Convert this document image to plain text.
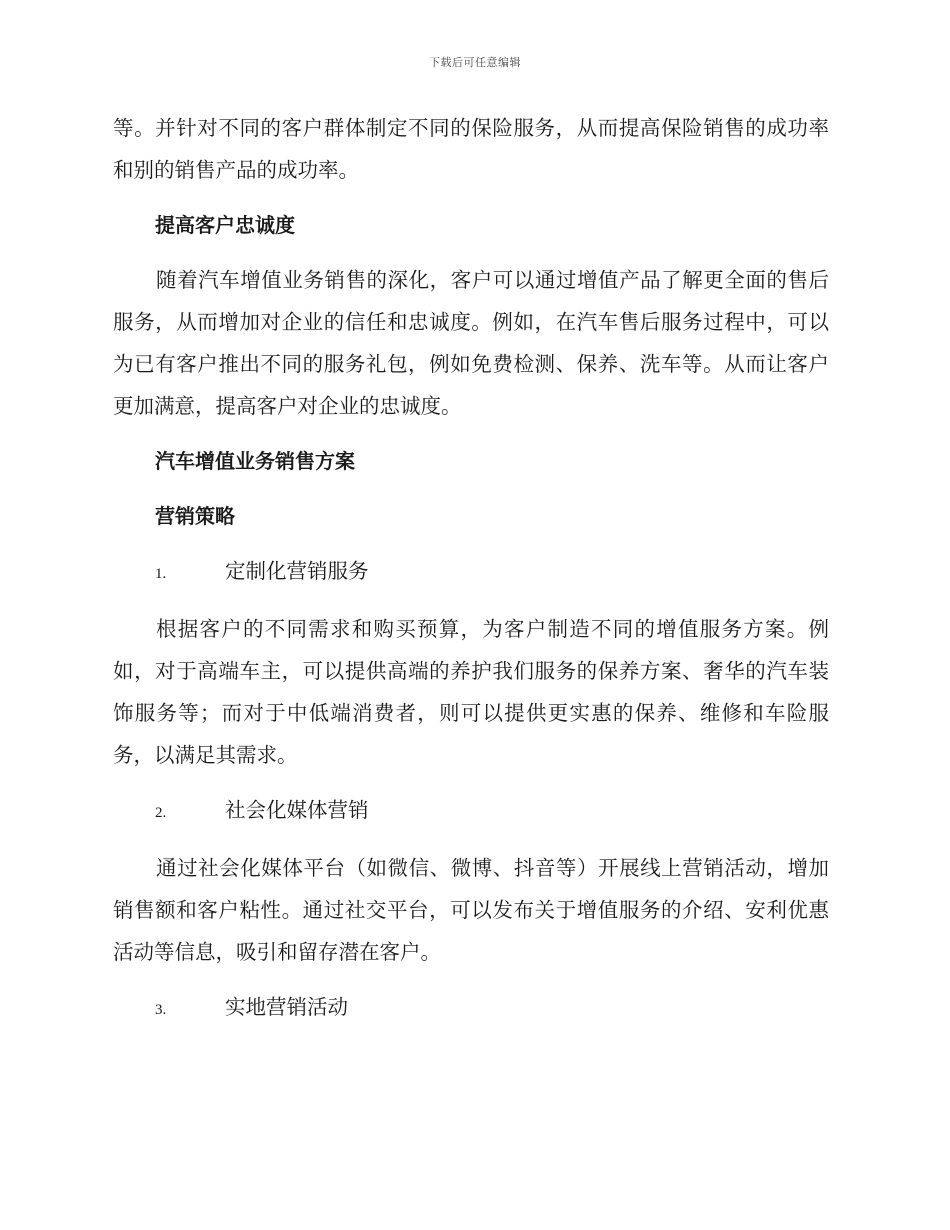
下载后可任意编辑

等。并针对不同的客户群体制定不同的保险服务，从而提高保险销售的成功率和别的销售产品的成功率。

提高客户忠诚度

随着汽车增值业务销售的深化，客户可以通过增值产品了解更全面的售后服务，从而增加对企业的信任和忠诚度。例如，在汽车售后服务过程中，可以为已有客户推出不同的服务礼包，例如免费检测、保养、洗车等。从而让客户更加满意，提高客户对企业的忠诚度。

汽车增值业务销售方案

营销策略

1.	定制化营销服务

根据客户的不同需求和购买预算，为客户制造不同的增值服务方案。例如，对于高端车主，可以提供高端的养护我们服务的保养方案、奢华的汽车装饰服务等；而对于中低端消费者，则可以提供更实惠的保养、维修和车险服务，以满足其需求。

2.	社会化媒体营销

通过社会化媒体平台（如微信、微博、抖音等）开展线上营销活动，增加销售额和客户粘性。通过社交平台，可以发布关于增值服务的介绍、安利优惠活动等信息，吸引和留存潜在客户。

3.	实地营销活动
